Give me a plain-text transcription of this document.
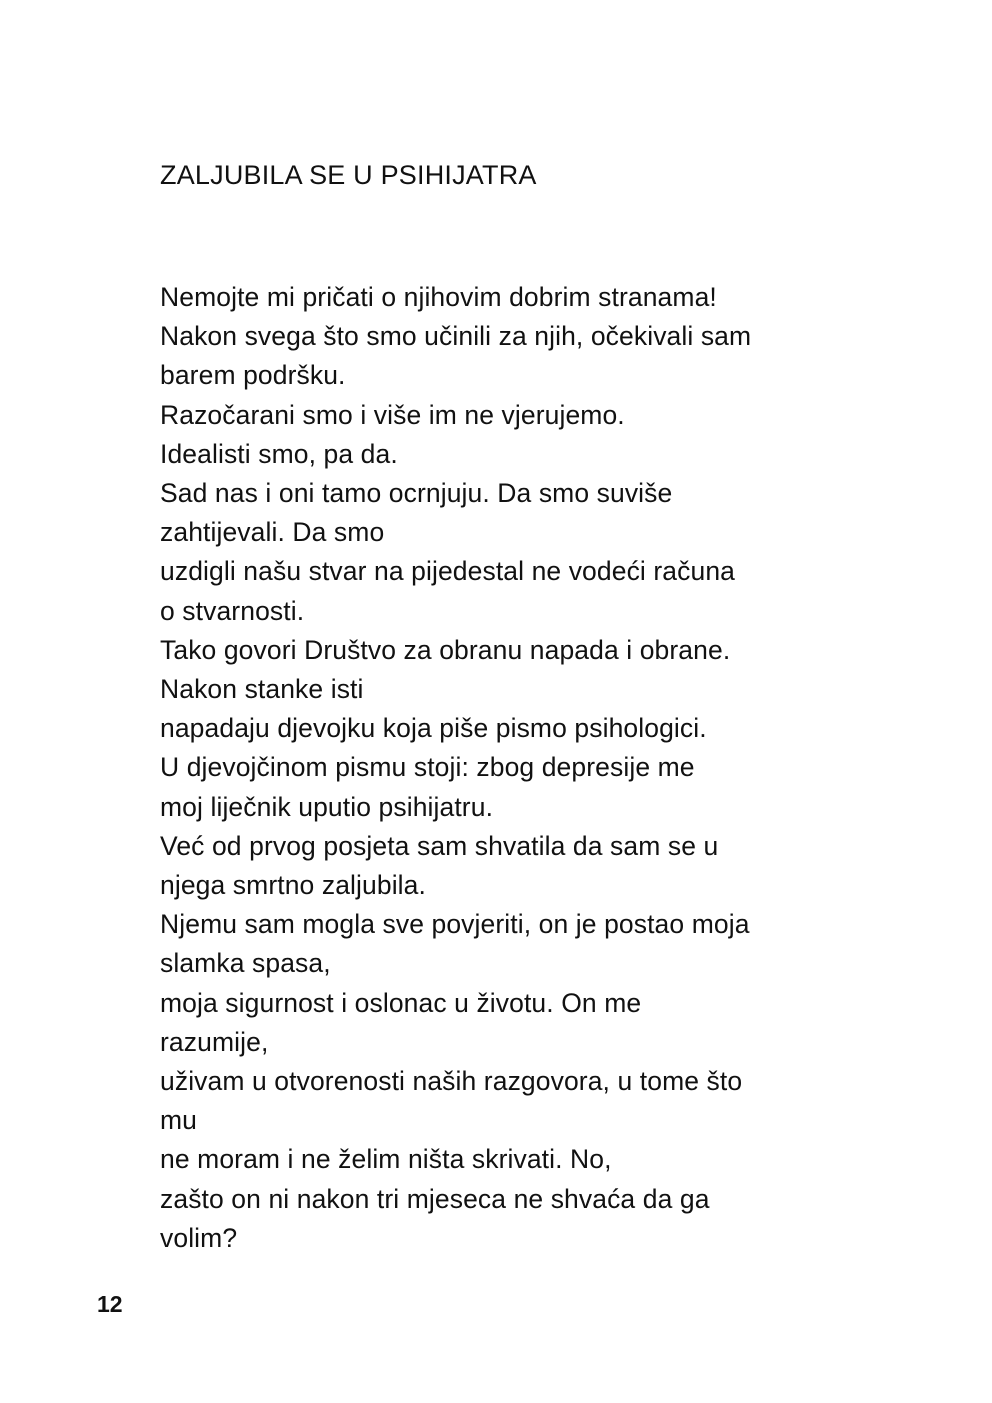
ZALJUBILA SE U PSIHIJATRA
Nemojte mi pričati o njihovim dobrim stranama!
Nakon svega što smo učinili za njih, očekivali sam
barem podršku.
Razočarani smo i više im ne vjerujemo.
Idealisti smo, pa da.
Sad nas i oni tamo ocrnjuju. Da smo suviše
zahtijevali. Da smo
uzdigli našu stvar na pijedestal ne vodeći računa
o stvarnosti.
Tako govori Društvo za obranu napada i obrane.
Nakon stanke isti
napadaju djevojku koja piše pismo psihologici.
U djevojčinom pismu stoji: zbog depresije me
moj liječnik uputio psihijatru.
Već od prvog posjeta sam shvatila da sam se u
njega smrtno zaljubila.
Njemu sam mogla sve povjeriti, on je postao moja
slamka spasa,
moja sigurnost i oslonac u životu. On me
razumije,
uživam u otvorenosti naših razgovora, u tome što
mu
ne moram i ne želim ništa skrivati. No,
zašto on ni nakon tri mjeseca ne shvaća da ga
volim?
12
